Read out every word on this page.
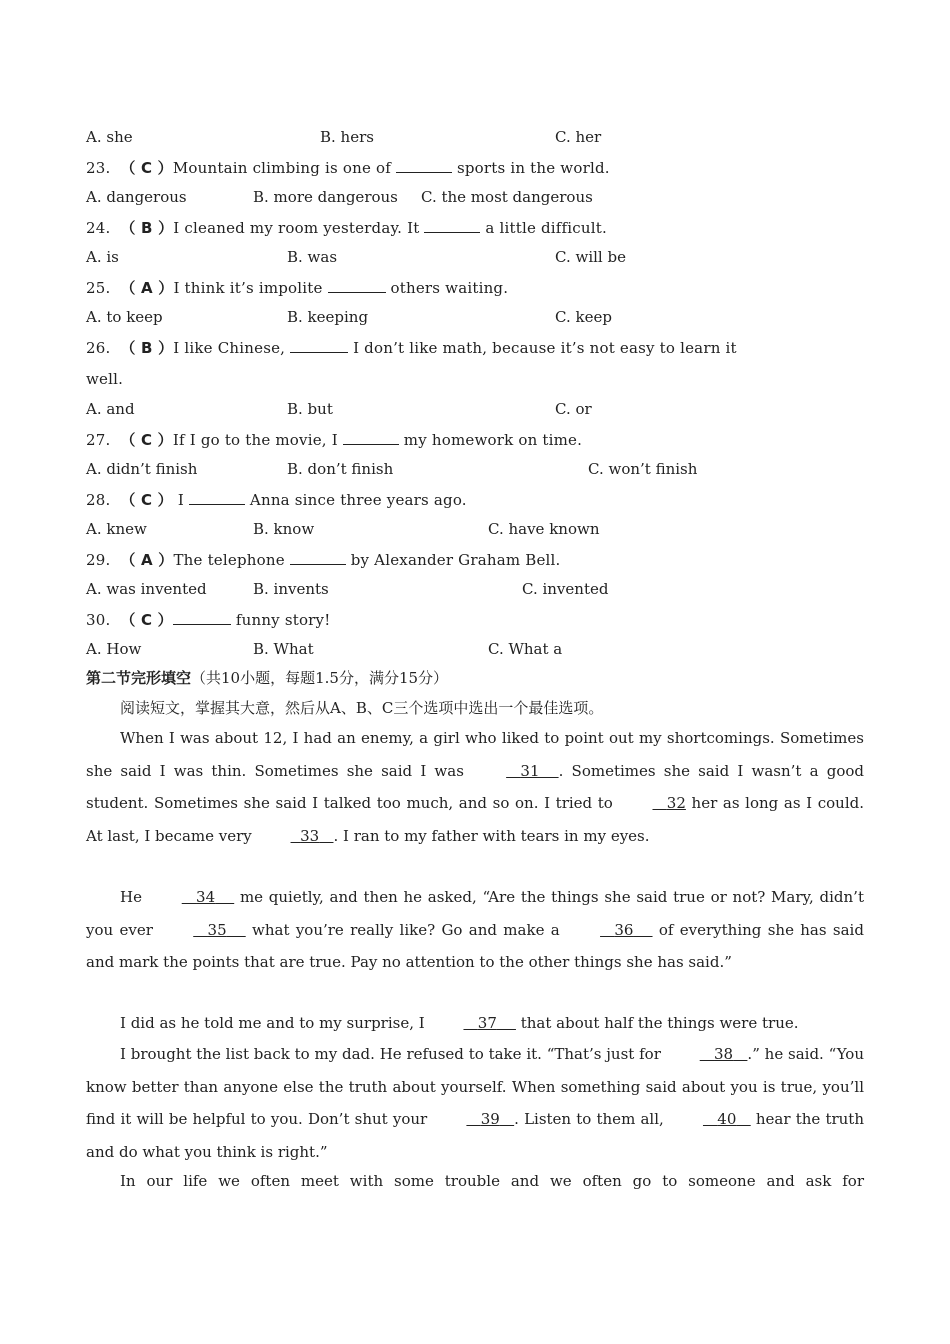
A. she	B. hers	C. her
23. （ C ）Mountain climbing is one of	sports in the world.
A. dangerous	B. more dangerous C. the most dangerous
24. （ B ）I cleaned my room yesterday. It	a little difficult.
A. is	B. was	C. will be
25. （ A ）I think it’s impolite	others waiting.
A. to keep	B. keeping	C. keep
26. （ B ）I like Chinese,	I don’t like math, because it’s not easy to learn it
well.
A. and	B. but	C. or
27. （ C ）If I go to the movie, I	my homework on time.
A. didn’t finish	B. don’t finish	C. won’t finish
28. （ C ） I	Anna since three years ago.
A. knew	B. know	C. have known
29. （ A ）The telephone	by Alexander Graham Bell.
A. was invented	B. invents	C. invented
30. （ C ）	funny story!
A. How	B. What	C. What a
第二节完形填空（共10小题，每题1.5分，满分15分）
阅读短文，掌握其大意，然后从A、B、C三个选项中选出一个最佳选项。
When I was about 12, I had an enemy, a girl who liked to point out my shortcomings. Sometimes she said I was thin. Sometimes she said I was	31 . Sometimes she said I wasn’t a good student. Sometimes she said I talked too much, and so on. I tried to	32 her as long as I could. At last, I became very	33 . I ran to my father with tears in my eyes.
He	34 me quietly, and then he asked, “Are the things she said true or not? Mary, didn’t you ever	35 what you’re really like? Go and make a	36 of everything she has said and mark the points that are true. Pay no attention to the other things she has said.”
I did as he told me and to my surprise, I	37 that about half the things were true.
I brought the list back to my dad. He refused to take it. “That’s just for	38 .” he said. “You know better than anyone else the truth about yourself. When something said about you is true, you’ll find it will be helpful to you. Don’t shut your	39 . Listen to them all,	40 hear the truth and do what you think is right.”
In our life we often meet with some trouble and we often go to someone and ask for
